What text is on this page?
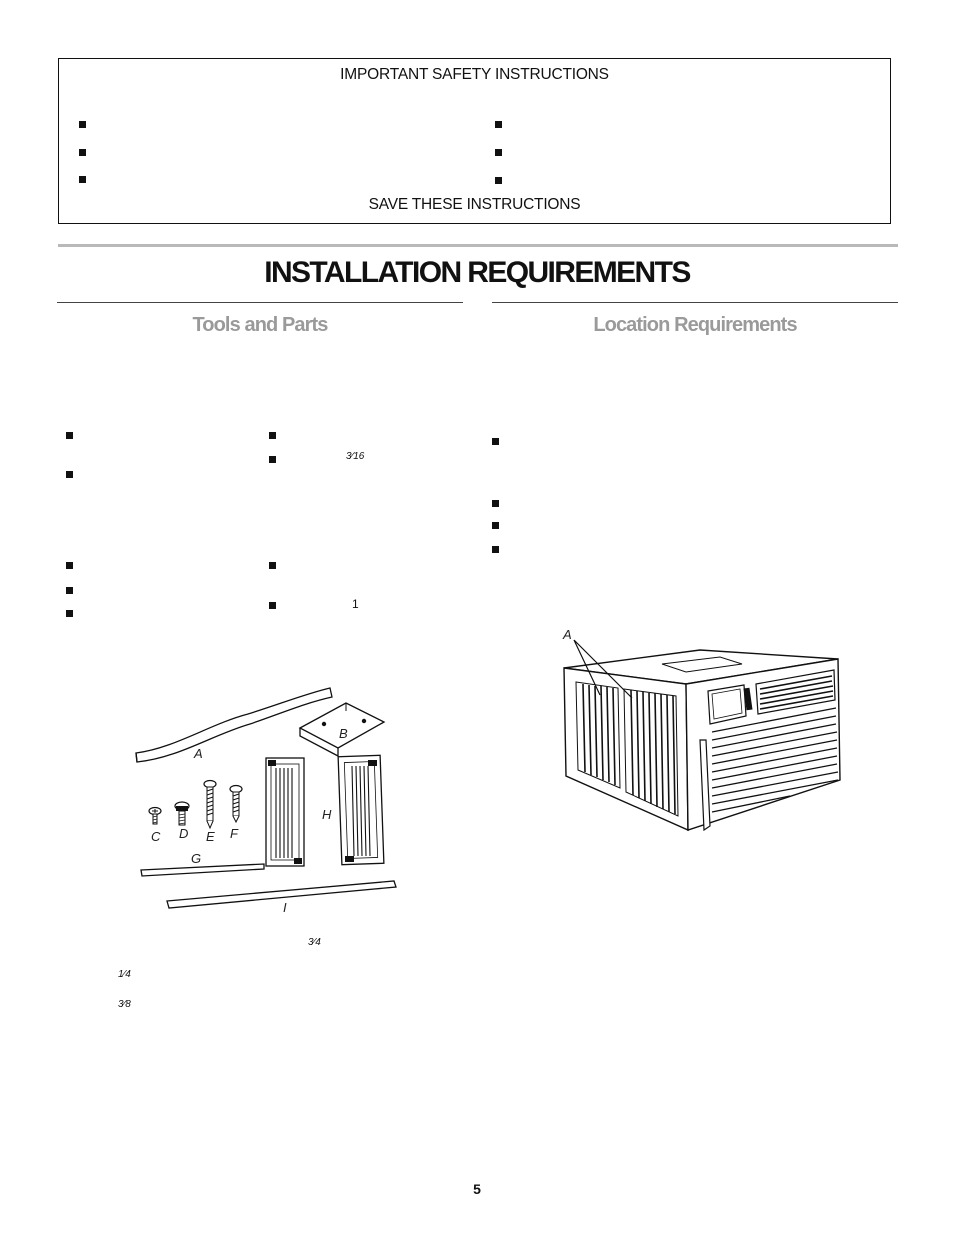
IMPORTANT SAFETY INSTRUCTIONS
SAVE THESE INSTRUCTIONS
INSTALLATION REQUIREMENTS
Tools and Parts
3⁄16
1
A
B
C D E F
G
H
I
3⁄4
1⁄4
3⁄8
Location Requirements
A
5
